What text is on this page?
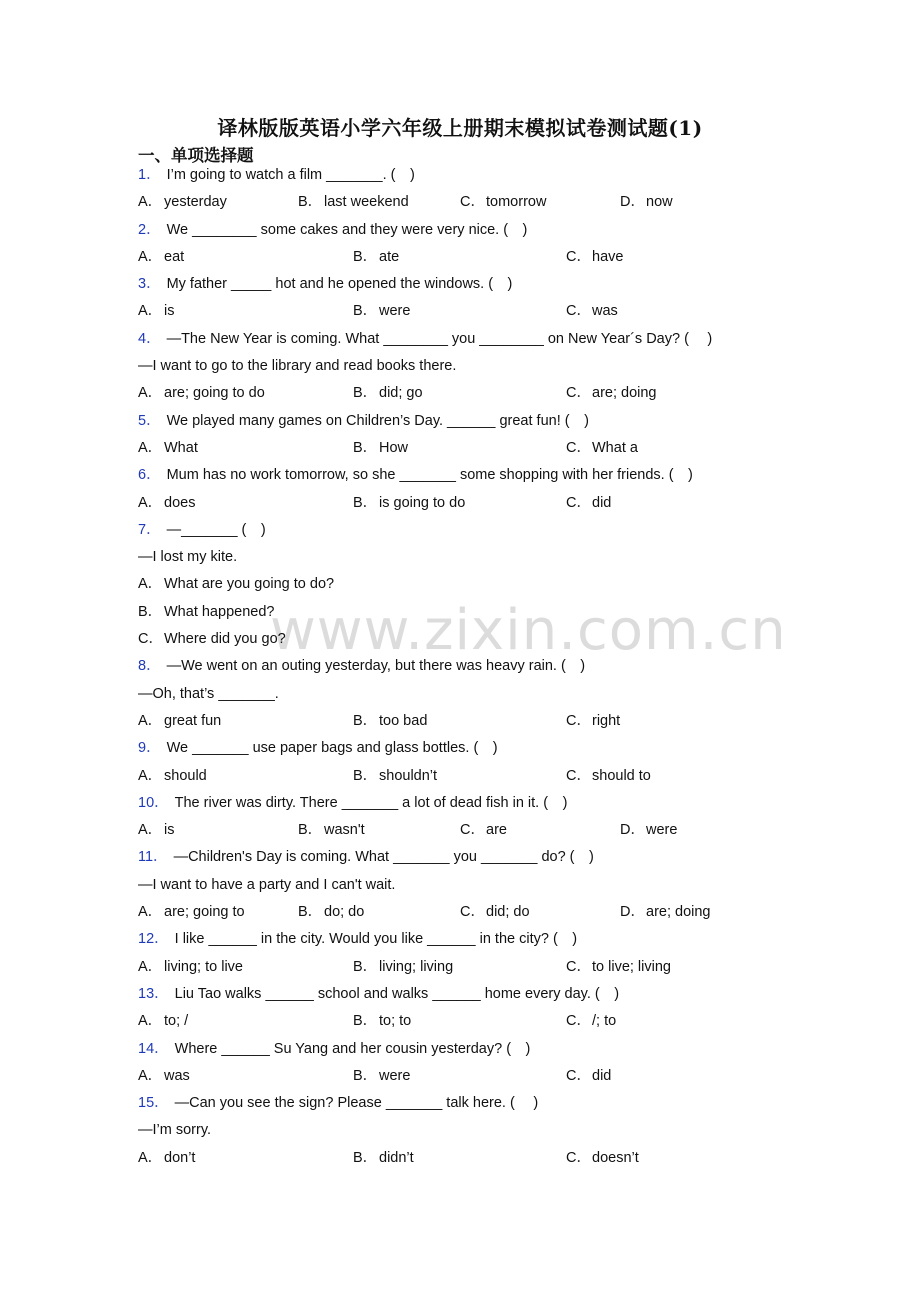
译林版版英语小学六年级上册期末模拟试卷测试题(1)
一、单项选择题
www.zixin.com.cn
1． I’m going to watch a film _______. (　)
A． yesterday	B． last weekend	C．tomorrow	D．now
2． We ________ some cakes and they were very nice. (　)
A． eat	B． ate	C．have
3． My father _____ hot and he opened the windows. (　)
A． is	B． were	C．was
4． —The New Year is coming. What ________ you ________ on New Year´s Day? (　 )
—I want to go to the library and read books there.
A． are; going to do	B． did; go	C．are; doing
5． We played many games on Children’s Day. ______ great fun! (　)
A． What	B． How	C．What a
6． Mum has no work tomorrow, so she _______ some shopping with her friends. (　)
A． does	B． is going to do	C．did
7． —_______ (　)
—I lost my kite.
A． What are you going to do?
B． What happened?
C．Where did you go?
8． —We went on an outing yesterday, but there was heavy rain. (　)
—Oh, that’s _______.
A． great fun	B． too bad	C．right
9． We _______ use paper bags and glass bottles. (　)
A． should	B． shouldn’t	C．should to
10． The river was dirty. There _______ a lot of dead fish in it. (　)
A． is	B． wasn't	C．are	D．were
11． —Children's Day is coming. What _______ you _______ do? (　)
—I want to have a party and I can't wait.
A． are; going to	B． do; do	C．did; do	D．are; doing
12． I like ______ in the city. Would you like ______ in the city? (　)
A． living; to live	B． living; living	C．to live; living
13． Liu Tao walks ______ school and walks ______ home every day. (　)
A． to; /	B． to; to	C．/; to
14． Where ______ Su Yang and her cousin yesterday? (　)
A． was	B． were	C．did
15． —Can you see the sign? Please _______ talk here. (　 )
—I’m sorry.
A． don’t	B． didn’t	C．doesn’t
